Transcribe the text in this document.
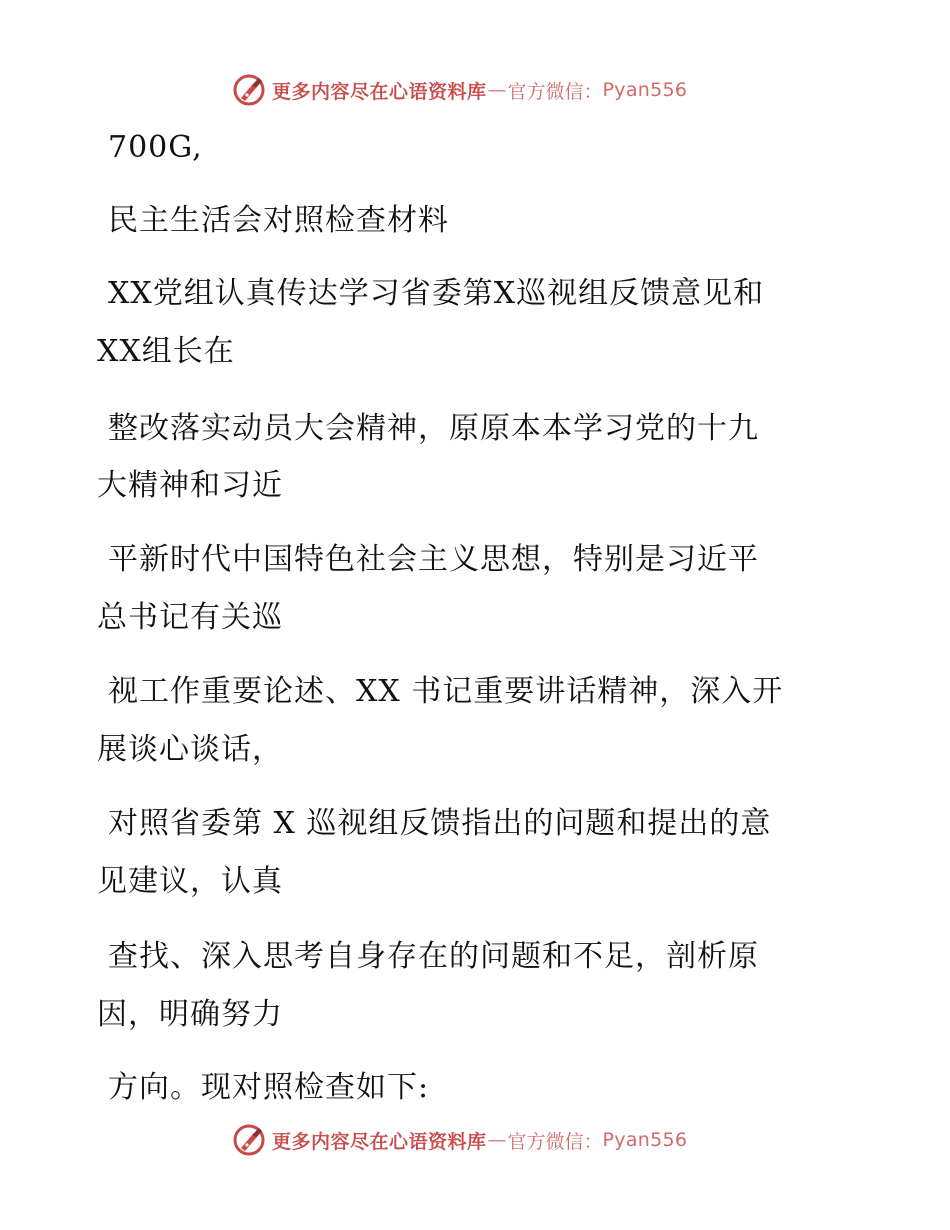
更多内容尽在心语资料库 — 官方微信： Pyan556
700G,
民主生活会对照检查材料
XX党组认真传达学习省委第X巡视组反馈意见和
XX组长在
整改落实动员大会精神，原原本本学习党的十九
大精神和习近
平新时代中国特色社会主义思想，特别是习近平
总书记有关巡
视工作重要论述、XX 书记重要讲话精神，深入开
展谈心谈话，
对照省委第 X 巡视组反馈指出的问题和提出的意
见建议，认真
查找、深入思考自身存在的问题和不足，剖析原
因，明确努力
方向。现对照检查如下:
更多内容尽在心语资料库 — 官方微信： Pyan556
